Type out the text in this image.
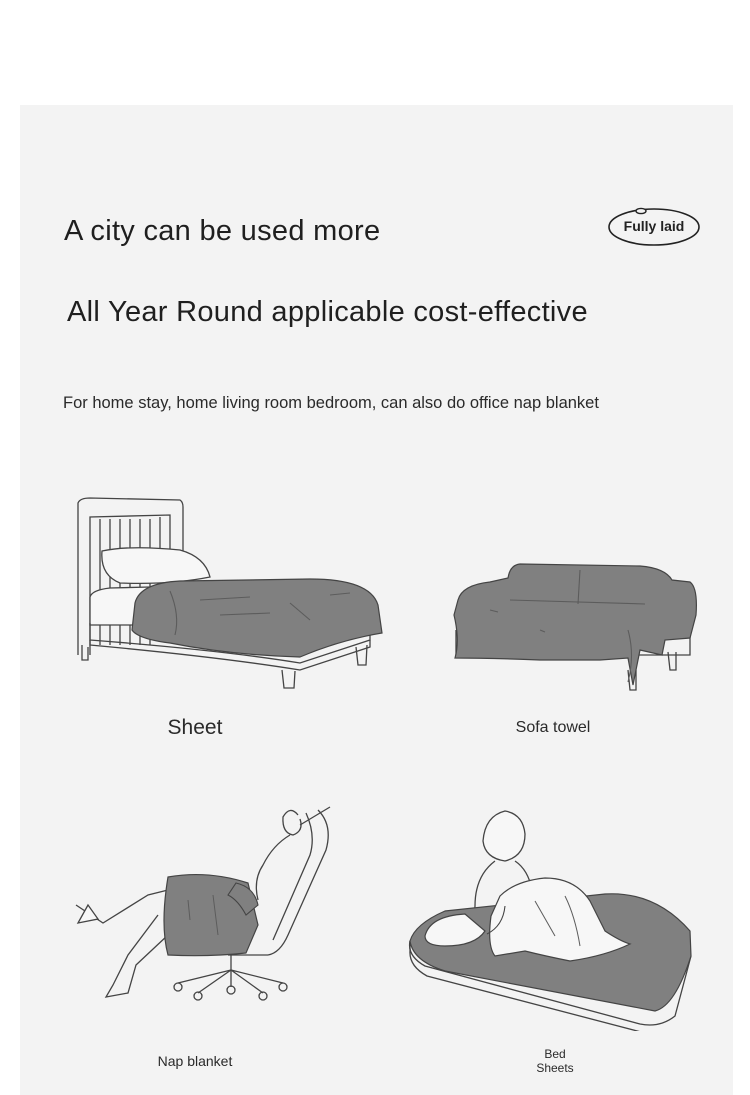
A city can be used more
All Year Round applicable cost-effective
For home stay, home living room bedroom, can also do office nap blanket
Fully laid
Sheet	Sofa towel
Nap blanket	Bed
Sheets
